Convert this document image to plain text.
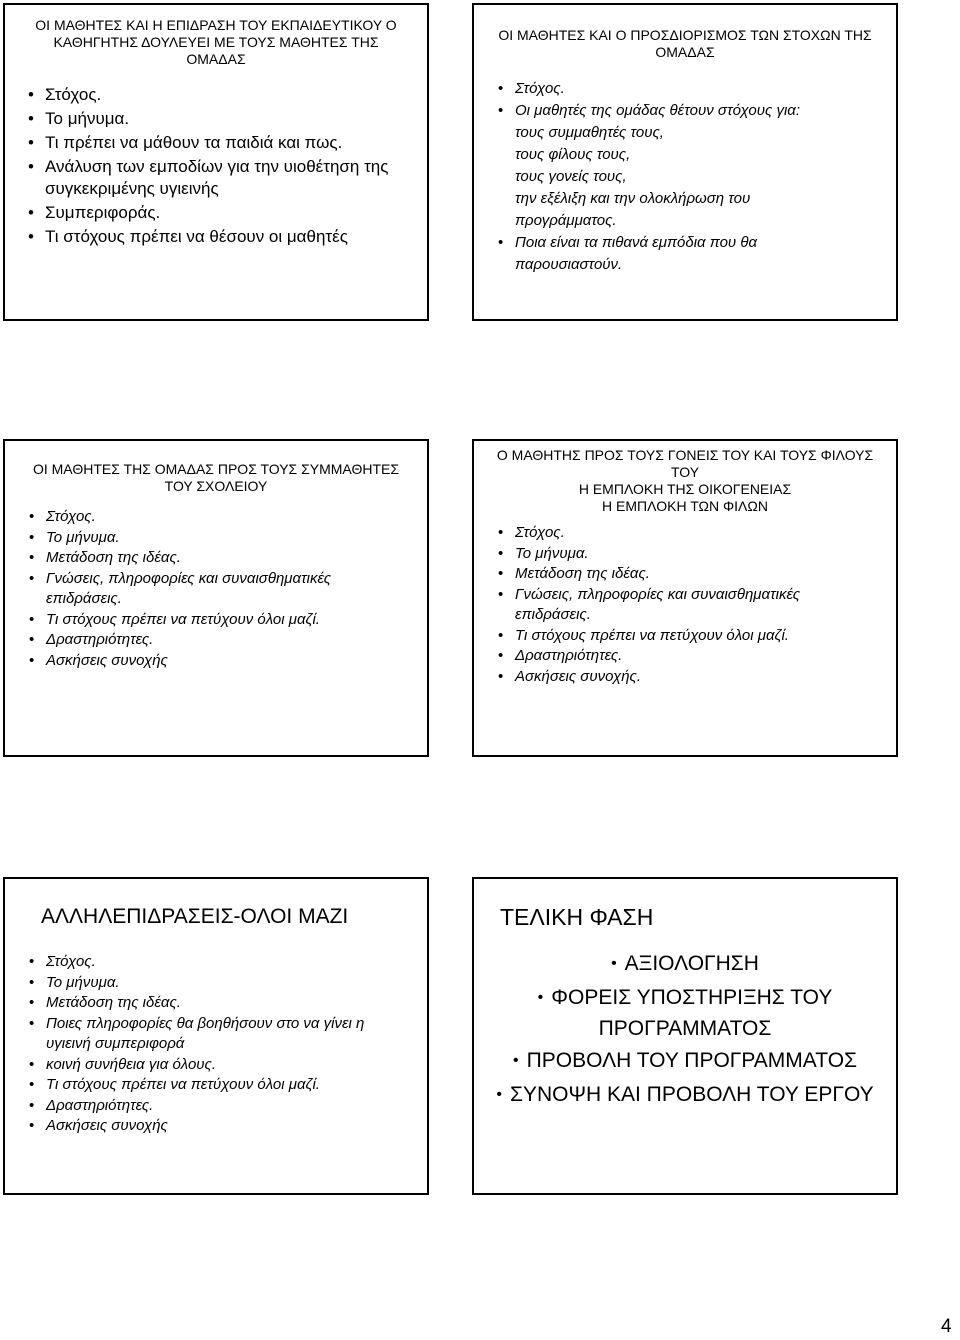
ΟΙ ΜΑΘΗΤΕΣ ΚΑΙ Η ΕΠΙΔΡΑΣΗ ΤΟΥ ΕΚΠΑΙΔΕΥΤΙΚΟΥ Ο ΚΑΘΗΓΗΤΗΣ ΔΟΥΛΕΥΕΙ ΜΕ ΤΟΥΣ ΜΑΘΗΤΕΣ ΤΗΣ ΟΜΑΔΑΣ

• Στόχος.
• Το μήνυμα.
• Τι πρέπει να μάθουν τα παιδιά και πως.
• Ανάλυση των εμποδίων για την υιοθέτηση της συγκεκριμένης υγιεινής
• Συμπεριφοράς.
• Τι στόχους πρέπει να θέσουν οι μαθητές

ΟΙ ΜΑΘΗΤΕΣ ΚΑΙ Ο ΠΡΟΣΔΙΟΡΙΣΜΟΣ ΤΩΝ ΣΤΟΧΩΝ ΤΗΣ ΟΜΑΔΑΣ

• Στόχος.
• Οι μαθητές της ομάδας θέτουν στόχους για:
τους συμμαθητές τους,
τους φίλους τους,
τους γονείς τους,
την εξέλιξη και την ολοκλήρωση του προγράμματος.
• Ποια είναι τα πιθανά εμπόδια που θα παρουσιαστούν.

ΟΙ ΜΑΘΗΤΕΣ ΤΗΣ ΟΜΑΔΑΣ ΠΡΟΣ ΤΟΥΣ ΣΥΜΜΑΘΗΤΕΣ ΤΟΥ ΣΧΟΛΕΙΟΥ

• Στόχος.
• Το μήνυμα.
• Μετάδοση της ιδέας.
• Γνώσεις, πληροφορίες και συναισθηματικές επιδράσεις.
• Τι στόχους πρέπει να πετύχουν όλοι μαζί.
• Δραστηριότητες.
• Ασκήσεις συνοχής
Ο ΜΑΘΗΤΗΣ ΠΡΟΣ ΤΟΥΣ ΓΟΝΕΙΣ ΤΟΥ ΚΑΙ ΤΟΥΣ ΦΙΛΟΥΣ ΤΟΥ
Η ΕΜΠΛΟΚΗ ΤΗΣ ΟΙΚΟΓΕΝΕΙΑΣ
Η ΕΜΠΛΟΚΗ ΤΩΝ ΦΙΛΩΝ
• Στόχος.
• Το μήνυμα.
• Μετάδοση της ιδέας.
• Γνώσεις, πληροφορίες και συναισθηματικές επιδράσεις.
• Τι στόχους πρέπει να πετύχουν όλοι μαζί.
• Δραστηριότητες.
• Ασκήσεις συνοχής.

ΑΛΛΗΛΕΠΙΔΡΑΣΕΙΣ-ΟΛΟΙ ΜΑΖΙ

• Στόχος.
• Το μήνυμα.
• Μετάδοση της ιδέας.
• Ποιες πληροφορίες θα βοηθήσουν στο να γίνει η υγιεινή συμπεριφορά
• κοινή συνήθεια για όλους.
• Τι στόχους πρέπει να πετύχουν όλοι μαζί.
• Δραστηριότητες.
• Ασκήσεις συνοχής

ΤΕΛΙΚΗ ΦΑΣΗ

• ΑΞΙΟΛΟΓΗΣΗ
• ΦΟΡΕΙΣ ΥΠΟΣΤΗΡΙΞΗΣ ΤΟΥ ΠΡΟΓΡΑΜΜΑΤΟΣ
• ΠΡΟΒΟΛΗ ΤΟΥ ΠΡΟΓΡΑΜΜΑΤΟΣ
• ΣΥΝΟΨΗ ΚΑΙ ΠΡΟΒΟΛΗ ΤΟΥ ΕΡΓΟΥ
4
